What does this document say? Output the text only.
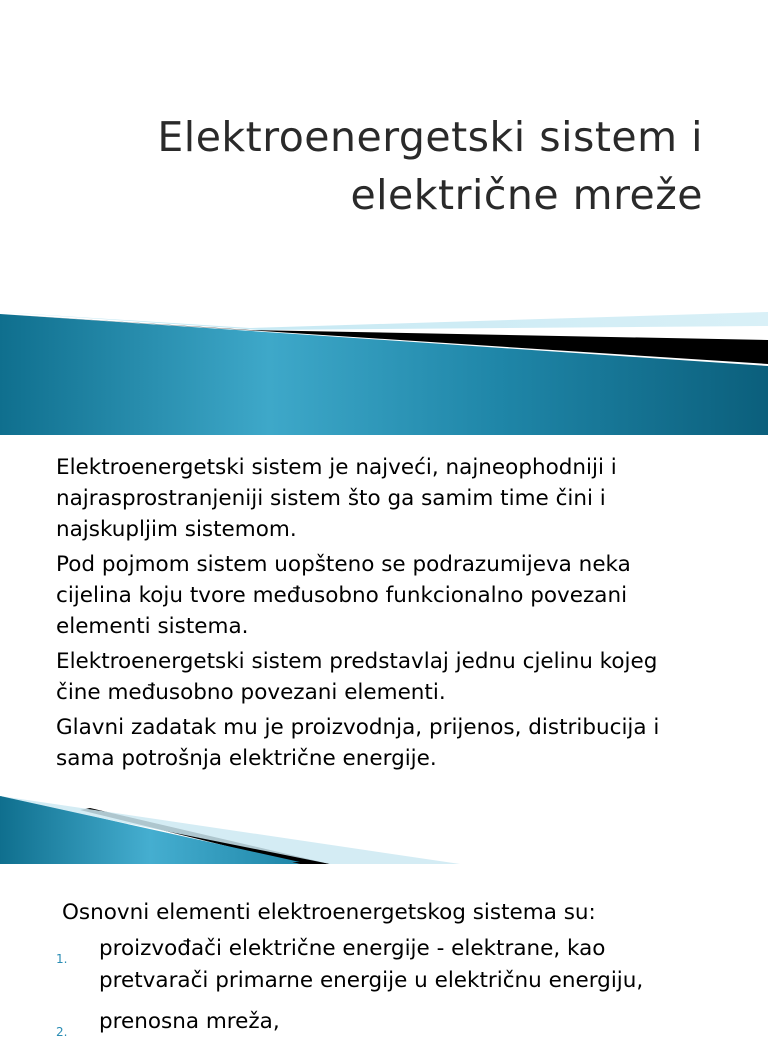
Elektroenergetski sistem i
električne mreže

Elektroenergetski sistem je najveći, najneophodniji i
najrasprostranjeniji sistem što ga samim time čini i
najskupljim sistemom.

Pod pojmom sistem uopšteno se podrazumijeva neka
cijelina koju tvore međusobno funkcionalno povezani
elementi sistema.

Elektroenergetski sistem predstavlaj jednu cjelinu kojeg
čine međusobno povezani elementi.

Glavni zadatak mu je proizvodnja, prijenos, distribucija i
sama potrošnja električne energije.

Osnovni elementi elektroenergetskog sistema su:
1. proizvođači električne energije - elektrane, kao
pretvarači primarne energije u električnu energiju,
2. prenosna mreža,
